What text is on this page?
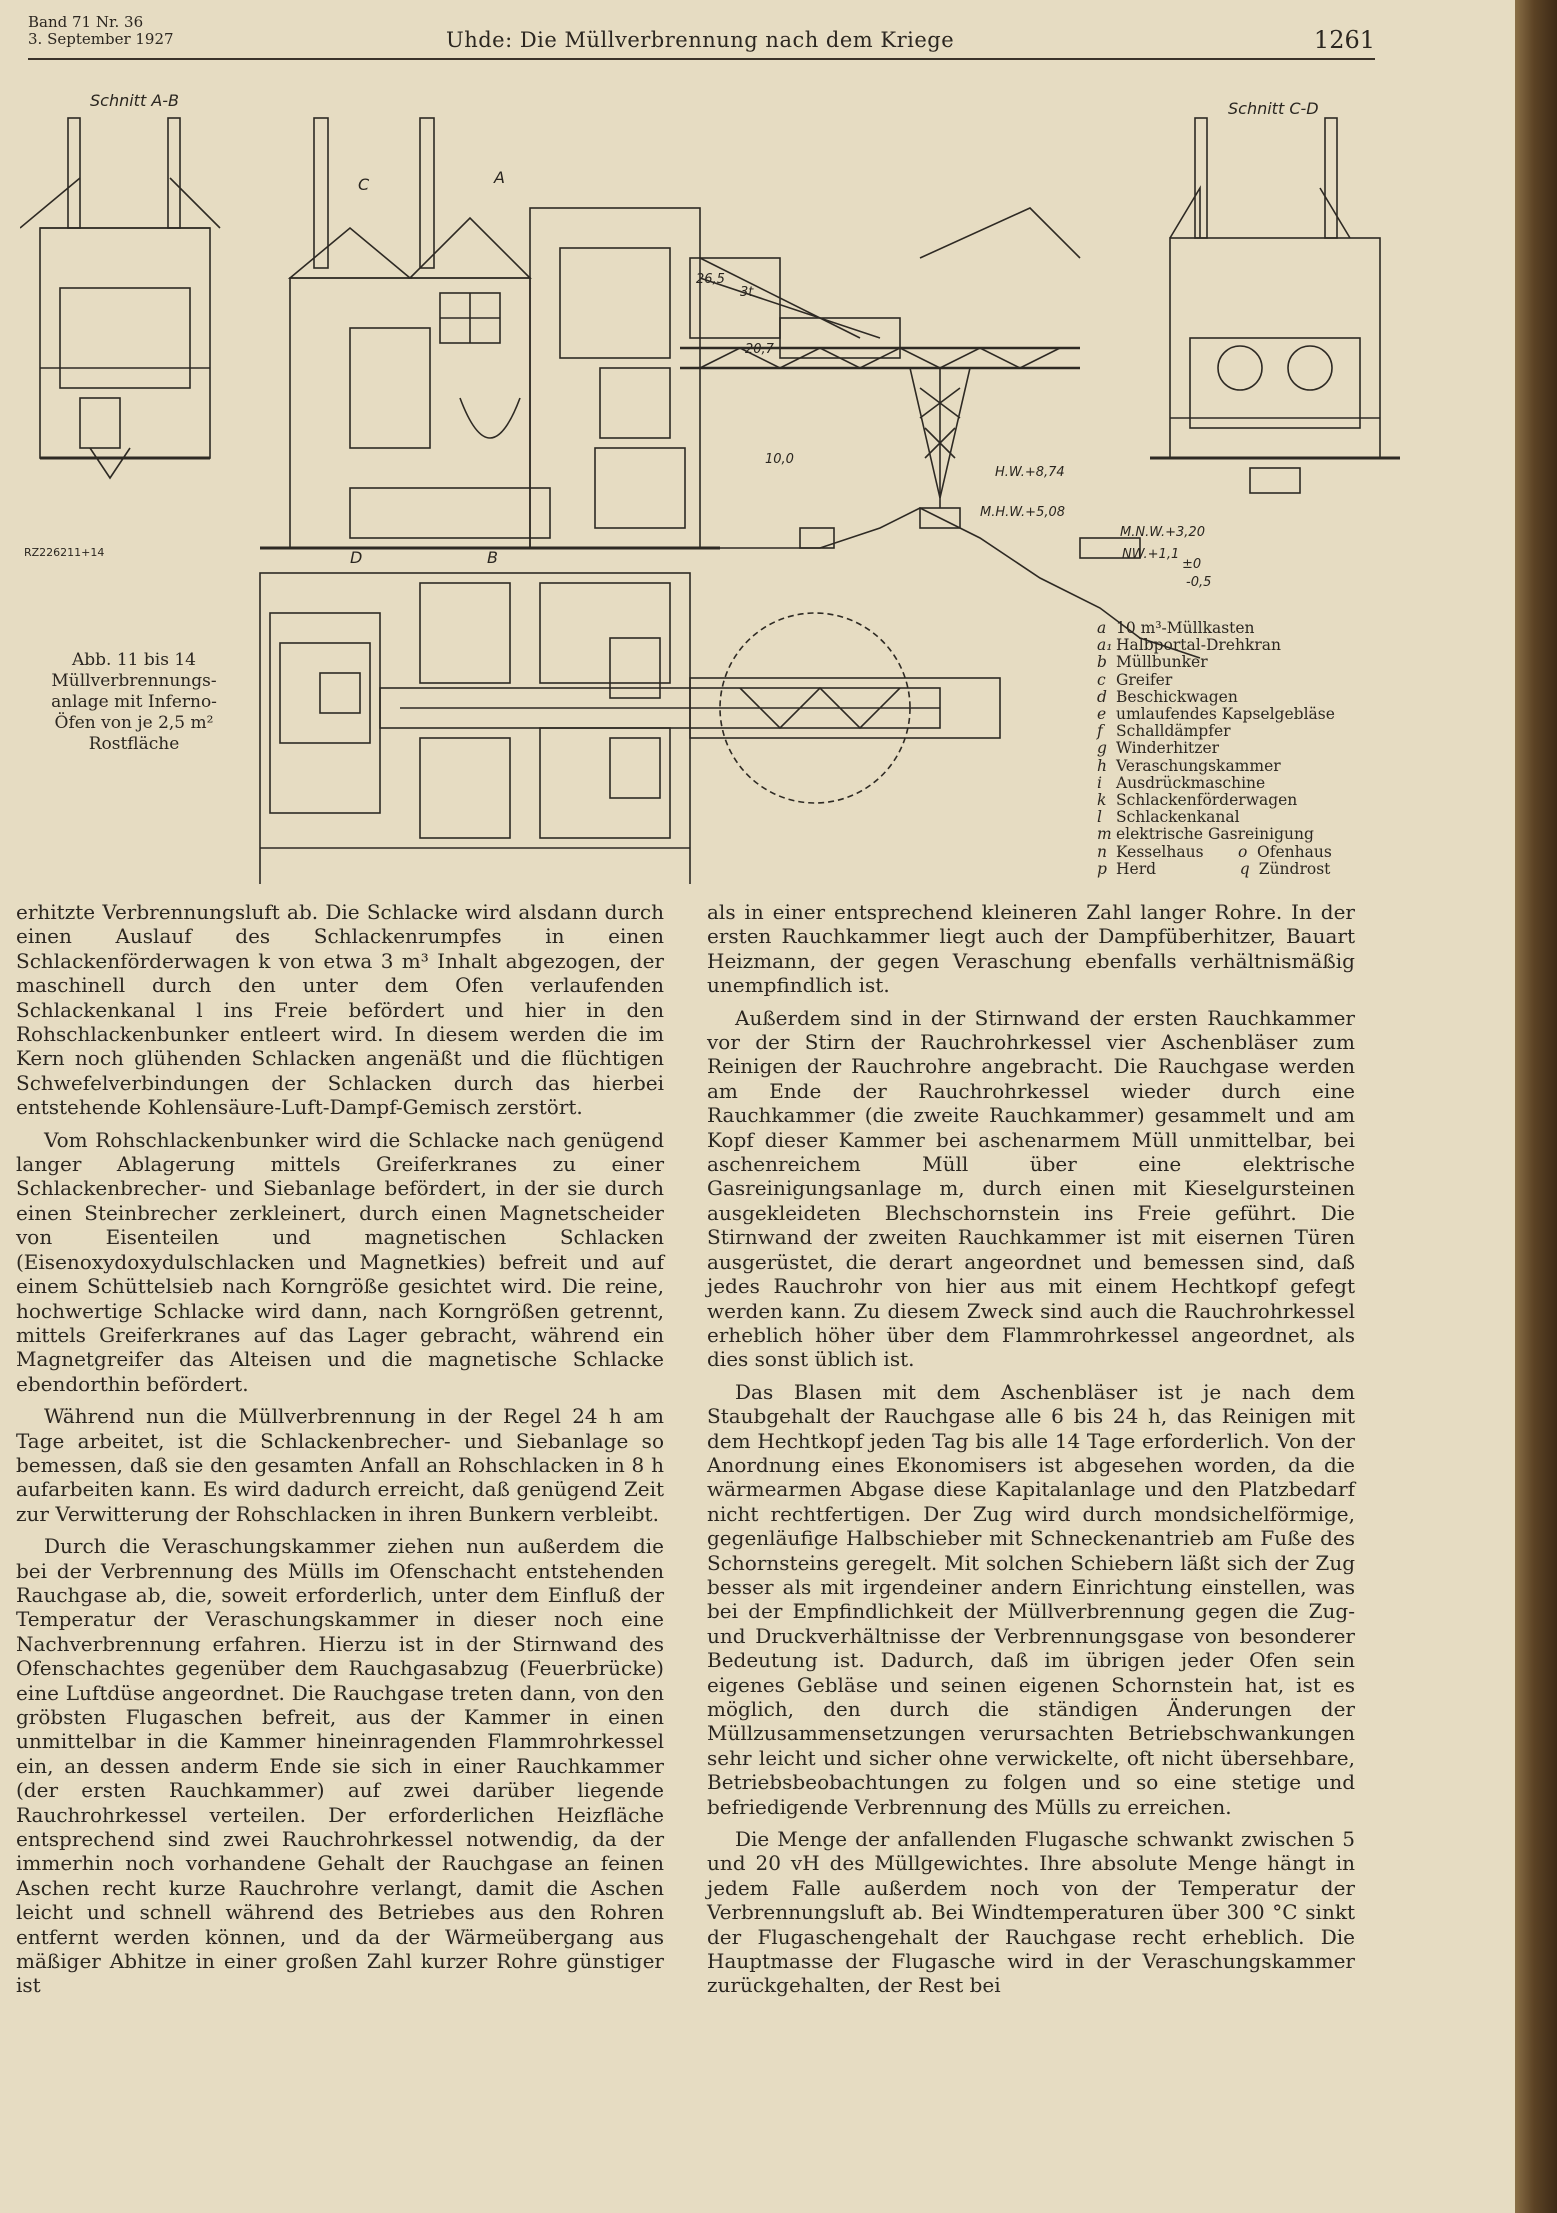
Band 71 Nr. 36
3. September 1927	Uhde: Die Müllverbrennung nach dem Kriege	1261
Schnitt A-B	Schnitt C-D
C	A
D	B
26,5
3t
20,7
10,0
H.W.+8,74
M.H.W.+5,08
M.N.W.+3,20
NW.+1,1
±0
-0,5
RZ226211+14
Abb. 11 bis 14
Müllverbrennungs-
anlage mit Inferno-
Öfen von je 2,5 m²
Rostfläche
a 10 m³-Müllkasten
a₁ Halbportal-Drehkran
b Müllbunker
c Greifer
d Beschickwagen
e umlaufendes Kapselgebläse
f Schalldämpfer
g Winderhitzer
h Veraschungskammer
i Ausdrückmaschine
k Schlackenförderwagen
l Schlackenkanal
m elektrische Gasreinigung
n Kesselhaus o Ofenhaus
p Herd	q Zündrost

erhitzte Verbrennungsluft ab. Die Schlacke wird alsdann durch einen Auslauf des Schlackenrumpfes in einen Schlackenförderwagen k von etwa 3 m³ Inhalt abgezogen, der maschinell durch den unter dem Ofen verlaufenden Schlackenkanal l ins Freie befördert und hier in den Rohschlackenbunker entleert wird. In diesem werden die im Kern noch glühenden Schlacken angenäßt und die flüchtigen Schwefelverbindungen der Schlacken durch das hierbei entstehende Kohlensäure-Luft-Dampf-Gemisch zerstört.

Vom Rohschlackenbunker wird die Schlacke nach genügend langer Ablagerung mittels Greiferkranes zu einer Schlackenbrecher- und Siebanlage befördert, in der sie durch einen Steinbrecher zerkleinert, durch einen Magnetscheider von Eisenteilen und magnetischen Schlacken (Eisenoxydoxydulschlacken und Magnetkies) befreit und auf einem Schüttelsieb nach Korngröße gesichtet wird. Die reine, hochwertige Schlacke wird dann, nach Korngrößen getrennt, mittels Greiferkranes auf das Lager gebracht, während ein Magnetgreifer das Alteisen und die magnetische Schlacke ebendorthin befördert.

Während nun die Müllverbrennung in der Regel 24 h am Tage arbeitet, ist die Schlackenbrecher- und Siebanlage so bemessen, daß sie den gesamten Anfall an Rohschlacken in 8 h aufarbeiten kann. Es wird dadurch erreicht, daß genügend Zeit zur Verwitterung der Rohschlacken in ihren Bunkern verbleibt.

Durch die Veraschungskammer ziehen nun außerdem die bei der Verbrennung des Mülls im Ofenschacht entstehenden Rauchgase ab, die, soweit erforderlich, unter dem Einfluß der Temperatur der Veraschungskammer in dieser noch eine Nachverbrennung erfahren. Hierzu ist in der Stirnwand des Ofenschachtes gegenüber dem Rauchgasabzug (Feuerbrücke) eine Luftdüse angeordnet. Die Rauchgase treten dann, von den gröbsten Flugaschen befreit, aus der Kammer in einen unmittelbar in die Kammer hineinragenden Flammrohrkessel ein, an dessen anderm Ende sie sich in einer Rauchkammer (der ersten Rauchkammer) auf zwei darüber liegende Rauchrohrkessel verteilen. Der erforderlichen Heizfläche entsprechend sind zwei Rauchrohrkessel notwendig, da der immerhin noch vorhandene Gehalt der Rauchgase an feinen Aschen recht kurze Rauchrohre verlangt, damit die Aschen leicht und schnell während des Betriebes aus den Rohren entfernt werden können, und da der Wärmeübergang aus mäßiger Abhitze in einer großen Zahl kurzer Rohre günstiger ist

als in einer entsprechend kleineren Zahl langer Rohre. In der ersten Rauchkammer liegt auch der Dampfüberhitzer, Bauart Heizmann, der gegen Veraschung ebenfalls verhältnismäßig unempfindlich ist.

Außerdem sind in der Stirnwand der ersten Rauchkammer vor der Stirn der Rauchrohrkessel vier Aschenbläser zum Reinigen der Rauchrohre angebracht. Die Rauchgase werden am Ende der Rauchrohrkessel wieder durch eine Rauchkammer (die zweite Rauchkammer) gesammelt und am Kopf dieser Kammer bei aschenarmem Müll unmittelbar, bei aschenreichem Müll über eine elektrische Gasreinigungsanlage m, durch einen mit Kieselgursteinen ausgekleideten Blechschornstein ins Freie geführt. Die Stirnwand der zweiten Rauchkammer ist mit eisernen Türen ausgerüstet, die derart angeordnet und bemessen sind, daß jedes Rauchrohr von hier aus mit einem Hechtkopf gefegt werden kann. Zu diesem Zweck sind auch die Rauchrohrkessel erheblich höher über dem Flammrohrkessel angeordnet, als dies sonst üblich ist.

Das Blasen mit dem Aschenbläser ist je nach dem Staubgehalt der Rauchgase alle 6 bis 24 h, das Reinigen mit dem Hechtkopf jeden Tag bis alle 14 Tage erforderlich. Von der Anordnung eines Ekonomisers ist abgesehen worden, da die wärmearmen Abgase diese Kapitalanlage und den Platzbedarf nicht rechtfertigen. Der Zug wird durch mondsichelförmige, gegenläufige Halbschieber mit Schneckenantrieb am Fuße des Schornsteins geregelt. Mit solchen Schiebern läßt sich der Zug besser als mit irgendeiner andern Einrichtung einstellen, was bei der Empfindlichkeit der Müllverbrennung gegen die Zug- und Druckverhältnisse der Verbrennungsgase von besonderer Bedeutung ist. Dadurch, daß im übrigen jeder Ofen sein eigenes Gebläse und seinen eigenen Schornstein hat, ist es möglich, den durch die ständigen Änderungen der Müllzusammensetzungen verursachten Betriebschwankungen sehr leicht und sicher ohne verwickelte, oft nicht übersehbare, Betriebsbeobachtungen zu folgen und so eine stetige und befriedigende Verbrennung des Mülls zu erreichen.

Die Menge der anfallenden Flugasche schwankt zwischen 5 und 20 vH des Müllgewichtes. Ihre absolute Menge hängt in jedem Falle außerdem noch von der Temperatur der Verbrennungsluft ab. Bei Windtemperaturen über 300 °C sinkt der Flugaschengehalt der Rauchgase recht erheblich. Die Hauptmasse der Flugasche wird in der Veraschungskammer zurückgehalten, der Rest bei
